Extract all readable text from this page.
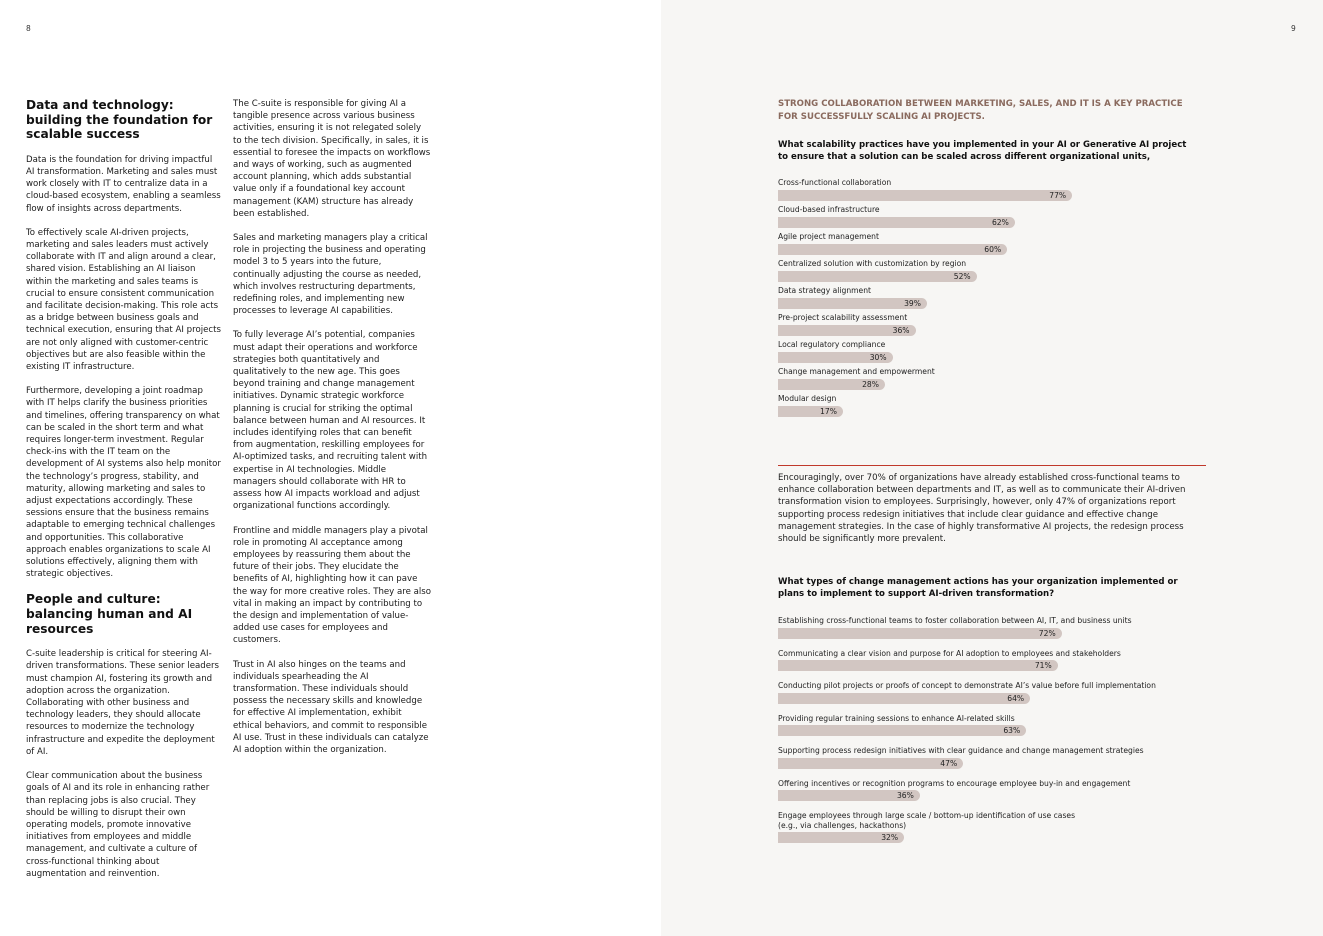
8
Data and technology: building the foundation for scalable success

Data is the foundation for driving impactful AI transformation. Marketing and sales must work closely with IT to centralize data in a cloud-based ecosystem, enabling a seamless flow of insights across departments.

To effectively scale AI-driven projects, marketing and sales leaders must actively collaborate with IT and align around a clear, shared vision. Establishing an AI liaison within the marketing and sales teams is crucial to ensure consistent communication and facilitate decision-making. This role acts as a bridge between business goals and technical execution, ensuring that AI projects are not only aligned with customer-centric objectives but are also feasible within the existing IT infrastructure.

Furthermore, developing a joint roadmap with IT helps clarify the business priorities and timelines, offering transparency on what can be scaled in the short term and what requires longer-term investment. Regular check-ins with the IT team on the development of AI systems also help monitor the technology’s progress, stability, and maturity, allowing marketing and sales to adjust expectations accordingly. These sessions ensure that the business remains adaptable to emerging technical challenges and opportunities. This collaborative approach enables organizations to scale AI solutions effectively, aligning them with strategic objectives.

People and culture: balancing human and AI resources

C-suite leadership is critical for steering AI-driven transformations. These senior leaders must champion AI, fostering its growth and adoption across the organization. Collaborating with other business and technology leaders, they should allocate resources to modernize the technology infrastructure and expedite the deployment of AI.

Clear communication about the business goals of AI and its role in enhancing rather than replacing jobs is also crucial. They should be willing to disrupt their own operating models, promote innovative initiatives from employees and middle management, and cultivate a culture of cross-functional thinking about augmentation and reinvention.

The C-suite is responsible for giving AI a tangible presence across various business activities, ensuring it is not relegated solely to the tech division. Specifically, in sales, it is essential to foresee the impacts on workflows and ways of working, such as augmented account planning, which adds substantial value only if a foundational key account management (KAM) structure has already been established.

Sales and marketing managers play a critical role in projecting the business and operating model 3 to 5 years into the future, continually adjusting the course as needed, which involves restructuring departments, redefining roles, and implementing new processes to leverage AI capabilities.

To fully leverage AI’s potential, companies must adapt their operations and workforce strategies both quantitatively and qualitatively to the new age. This goes beyond training and change management initiatives. Dynamic strategic workforce planning is crucial for striking the optimal balance between human and AI resources. It includes identifying roles that can benefit from augmentation, reskilling employees for AI-optimized tasks, and recruiting talent with expertise in AI technologies. Middle managers should collaborate with HR to assess how AI impacts workload and adjust organizational functions accordingly.

Frontline and middle managers play a pivotal role in promoting AI acceptance among employees by reassuring them about the future of their jobs. They elucidate the benefits of AI, highlighting how it can pave the way for more creative roles. They are also vital in making an impact by contributing to the design and implementation of value-added use cases for employees and customers.

Trust in AI also hinges on the teams and individuals spearheading the AI transformation. These individuals should possess the necessary skills and knowledge for effective AI implementation, exhibit ethical behaviors, and commit to responsible AI use. Trust in these individuals can catalyze AI adoption within the organization.

9
STRONG COLLABORATION BETWEEN MARKETING, SALES, AND IT IS A KEY PRACTICE FOR SUCCESSFULLY SCALING AI PROJECTS.
What scalability practices have you implemented in your AI or Generative AI project to ensure that a solution can be scaled across different organizational units,
Cross-functional collaboration
77%
Cloud-based infrastructure
62%
Agile project management
60%
Centralized solution with customization by region
52%
Data strategy alignment
39%
Pre-project scalability assessment
36%
Local regulatory compliance
30%
Change management and empowerment
28%
Modular design
17%
Encouragingly, over 70% of organizations have already established cross-functional teams to enhance collaboration between departments and IT, as well as to communicate their AI-driven transformation vision to employees. Surprisingly, however, only 47% of organizations report supporting process redesign initiatives that include clear guidance and effective change management strategies. In the case of highly transformative AI projects, the redesign process should be significantly more prevalent.
What types of change management actions has your organization implemented or plans to implement to support AI-driven transformation?
Establishing cross-functional teams to foster collaboration between AI, IT, and business units
72%
Communicating a clear vision and purpose for AI adoption to employees and stakeholders
71%
Conducting pilot projects or proofs of concept to demonstrate AI’s value before full implementation
64%
Providing regular training sessions to enhance AI-related skills
63%
Supporting process redesign initiatives with clear guidance and change management strategies
47%
Offering incentives or recognition programs to encourage employee buy-in and engagement
36%
Engage employees through large scale / bottom-up identification of use cases
(e.g., via challenges, hackathons)
32%
